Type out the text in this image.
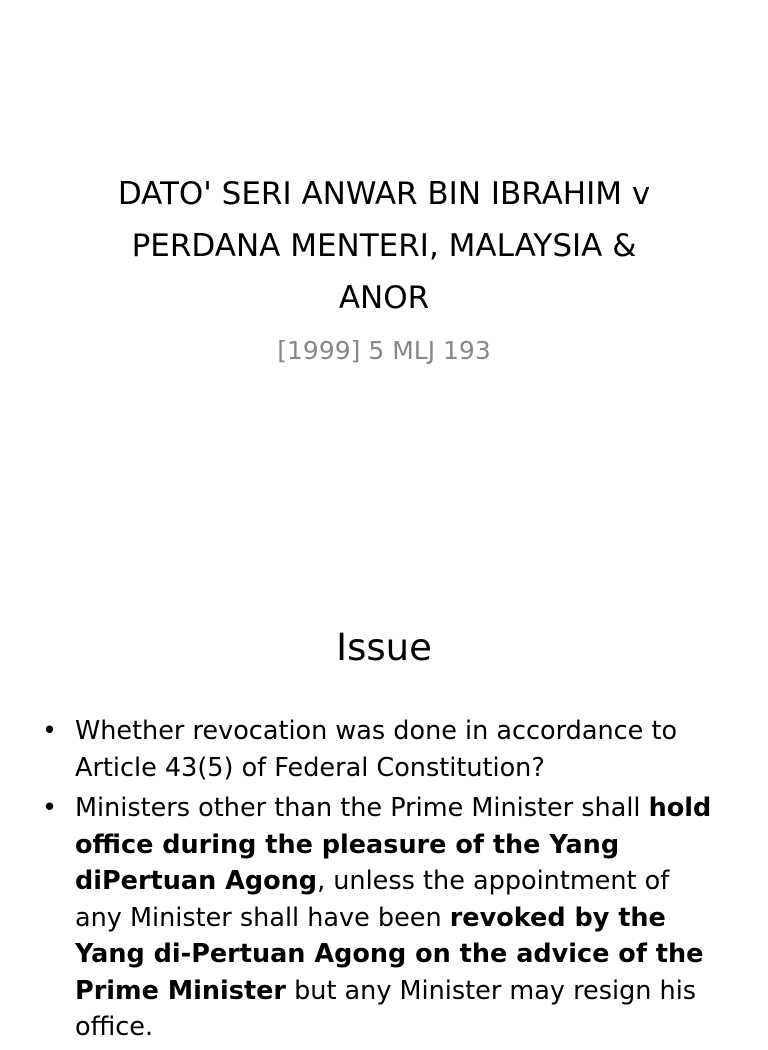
DATO' SERI ANWAR BIN IBRAHIM v
PERDANA MENTERI, MALAYSIA &
ANOR

[1999] 5 MLJ 193

Issue
• Whether revocation was done in accordance to Article 43(5) of Federal Constitution?
• Ministers other than the Prime Minister shall hold office during the pleasure of the Yang diPertuan Agong, unless the appointment of any Minister shall have been revoked by the Yang di-Pertuan Agong on the advice of the Prime Minister but any Minister may resign his office.
